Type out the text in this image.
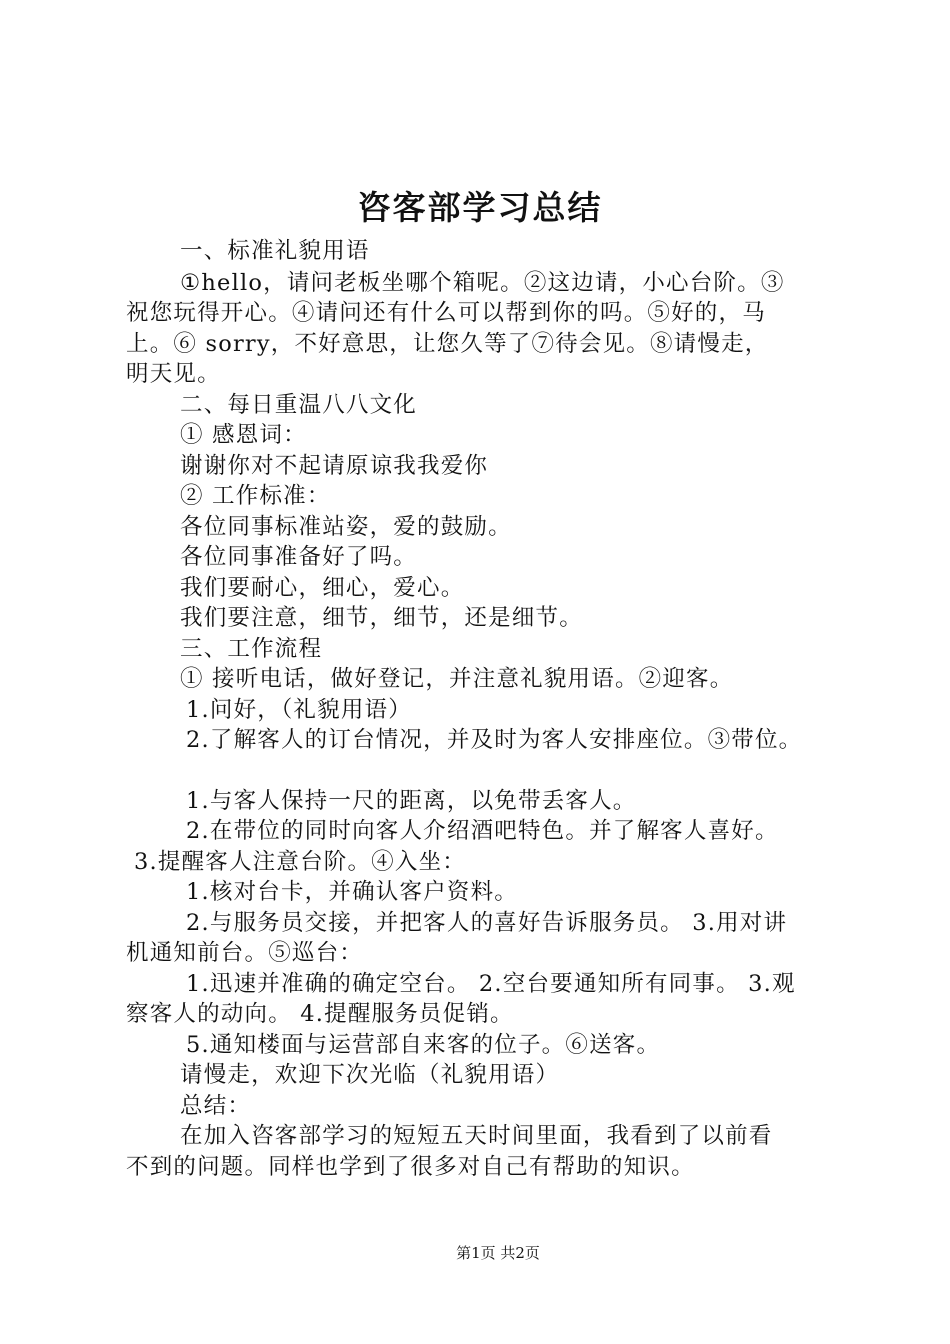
咨客部学习总结
一、标准礼貌用语
①hello，请问老板坐哪个箱呢。②这边请，小心台阶。③
祝您玩得开心。④请问还有什么可以帮到你的吗。⑤好的，马
上。⑥ sorry，不好意思，让您久等了⑦待会见。⑧请慢走，
明天见。
二、每日重温八八文化
① 感恩词：
谢谢你对不起请原谅我我爱你
② 工作标准：
各位同事标准站姿，爱的鼓励。
各位同事准备好了吗。
我们要耐心，细心，爱心。
我们要注意，细节，细节，还是细节。
三、工作流程
① 接听电话，做好登记，并注意礼貌用语。②迎客。
1.问好，（礼貌用语）
2.了解客人的订台情况，并及时为客人安排座位。③带位。
1.与客人保持一尺的距离，以免带丢客人。
2.在带位的同时向客人介绍酒吧特色。并了解客人喜好。
3.提醒客人注意台阶。④入坐：
1.核对台卡，并确认客户资料。
2.与服务员交接，并把客人的喜好告诉服务员。 3.用对讲
机通知前台。⑤巡台：
1.迅速并准确的确定空台。 2.空台要通知所有同事。 3.观
察客人的动向。 4.提醒服务员促销。
5.通知楼面与运营部自来客的位子。⑥送客。
请慢走，欢迎下次光临（礼貌用语）
总结：
在加入咨客部学习的短短五天时间里面，我看到了以前看
不到的问题。同样也学到了很多对自己有帮助的知识。
第1页 共2页
